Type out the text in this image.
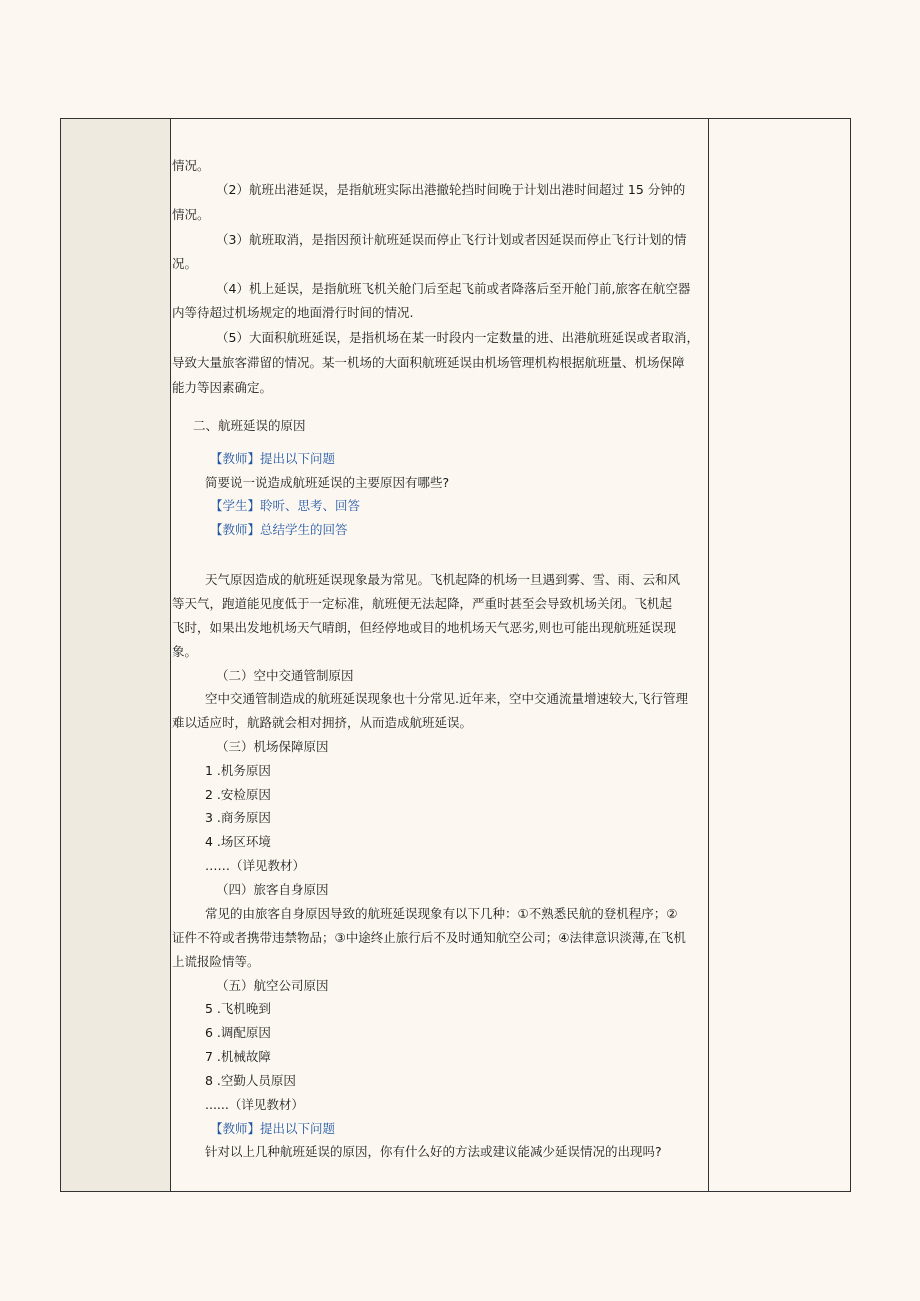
情况。

（2）航班出港延误，是指航班实际出港撤轮挡时间晚于计划出港时间超过 15 分钟的

情况。

（3）航班取消，是指因预计航班延误而停止飞行计划或者因延误而停止飞行计划的情

况。

（4）机上延误，是指航班飞机关舱门后至起飞前或者降落后至开舱门前,旅客在航空器

内等待超过机场规定的地面滑行时间的情况.

（5）大面积航班延误，是指机场在某一时段内一定数量的进、出港航班延误或者取消，

导致大量旅客滞留的情况。某一机场的大面积航班延误由机场管理机构根据航班量、机场保障

能力等因素确定。

二、航班延误的原因

【教师】提出以下问题

简要说一说造成航班延误的主要原因有哪些?

【学生】聆听、思考、回答

【教师】总结学生的回答

天气原因造成的航班延误现象最为常见。飞机起降的机场一旦遇到雾、雪、雨、云和风

等天气，跑道能见度低于一定标准，航班便无法起降，严重时甚至会导致机场关闭。飞机起

飞时，如果出发地机场天气晴朗，但经停地或目的地机场天气恶劣,则也可能出现航班延误现

象。

（二）空中交通管制原因

空中交通管制造成的航班延误现象也十分常见.近年来，空中交通流量增速较大,飞行管理

难以适应时，航路就会相对拥挤，从而造成航班延误。

（三）机场保障原因

1 .机务原因

2 .安检原因

3 .商务原因

4 .场区环境

……（详见教材）

（四）旅客自身原因

常见的由旅客自身原因导致的航班延误现象有以下几种：①不熟悉民航的登机程序；②

证件不符或者携带违禁物品；③中途终止旅行后不及时通知航空公司；④法律意识淡薄,在飞机

上谎报险情等。

（五）航空公司原因

5 .飞机晚到

6 .调配原因

7 .机械故障

8 .空勤人员原因

......（详见教材）

【教师】提出以下问题

针对以上几种航班延误的原因，你有什么好的方法或建议能减少延误情况的出现吗?
